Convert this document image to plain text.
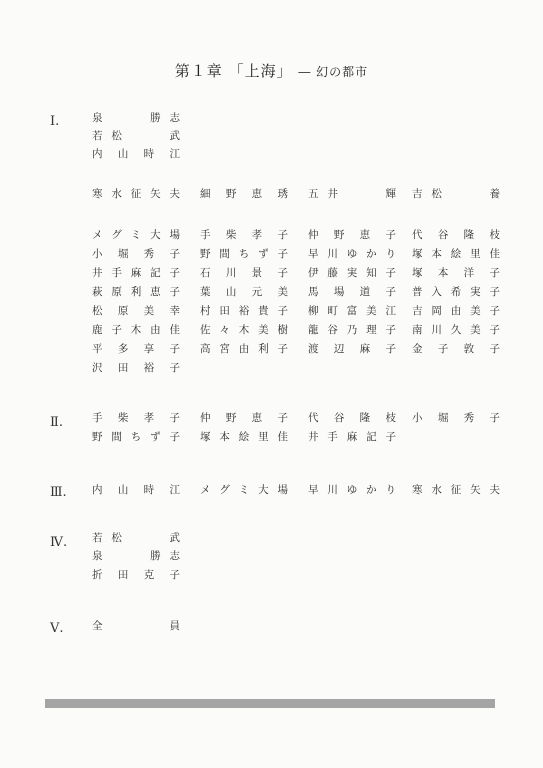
第１章 「上海」 ― 幻の都市
Ⅰ.	泉　　勝志
若松　　武
内山時江
寒水征矢夫 細野恵琇 五井　　輝 吉松　　養
メグミ大場 手柴孝子 仲野恵子 代谷隆枝
小堀秀子 野間ちず子 早川ゆかり 塚本絵里佳
井手麻記子 石川景子 伊藤実知子 塚本洋子
萩原利恵子 葉山元美 馬場道子 普入希実子
松原美幸 村田裕貴子 柳町富美江 吉岡由美子
鹿子木由佳 佐々木美樹 龍谷乃理子 南川久美子
平多享子 高宮由利子 渡辺麻子 金子敦子
沢田裕子
Ⅱ.	手柴孝子 仲野恵子 代谷隆枝 小堀秀子
野間ちず子 塚本絵里佳 井手麻記子
Ⅲ. 内山時江 メグミ大場 早川ゆかり 寒水征矢夫
Ⅳ. 若松　　武
泉　　勝志
折田克子
Ⅴ.	全　　員
